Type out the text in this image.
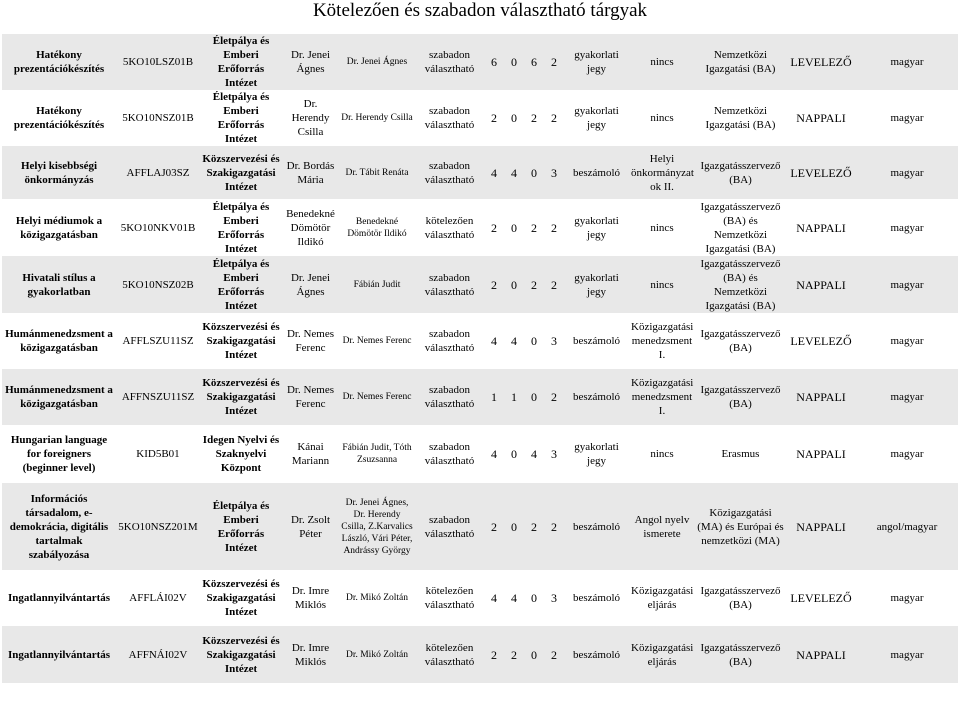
Kötelezően és szabadon választható tárgyak
Hatékony prezentációkészítés	5KO10LSZ01B	Életpálya és Emberi Erőforrás Intézet	Dr. Jenei Ágnes	Dr. Jenei Ágnes	szabadon választható	6	0	6	2	gyakorlati jegy	nincs	Nemzetközi Igazgatási (BA)	LEVELEZŐ	magyar
Hatékony prezentációkészítés	5KO10NSZ01B	Életpálya és Emberi Erőforrás Intézet	Dr. Herendy Csilla	Dr. Herendy Csilla	szabadon választható	2	0	2	2	gyakorlati jegy	nincs	Nemzetközi Igazgatási (BA)	NAPPALI	magyar
Helyi kisebbségi önkormányzás	AFFLAJ03SZ	Közszervezési és Szakigazgatási Intézet	Dr. Bordás Mária	Dr. Tábit Renáta	szabadon választható	4	4	0	3	beszámoló	Helyi önkormányzat ok II.	Igazgatásszervező (BA)	LEVELEZŐ	magyar
Helyi médiumok a közigazgatásban	5KO10NKV01B	Életpálya és Emberi Erőforrás Intézet	Benedekné Dömötör Ildikó	Benedekné Dömötör Ildikó	kötelezően választható	2	0	2	2	gyakorlati jegy	nincs	Igazgatásszervező (BA) és Nemzetközi Igazgatási (BA)	NAPPALI	magyar
Hivatali stílus a gyakorlatban	5KO10NSZ02B	Életpálya és Emberi Erőforrás Intézet	Dr. Jenei Ágnes	Fábián Judit	szabadon választható	2	0	2	2	gyakorlati jegy	nincs	Igazgatásszervező (BA) és Nemzetközi Igazgatási (BA)	NAPPALI	magyar
Humánmenedzsment a közigazgatásban	AFFLSZU11SZ	Közszervezési és Szakigazgatási Intézet	Dr. Nemes Ferenc	Dr. Nemes Ferenc	szabadon választható	4	4	0	3	beszámoló	Közigazgatási menedzsment I.	Igazgatásszervező (BA)	LEVELEZŐ	magyar
Humánmenedzsment a közigazgatásban	AFFNSZU11SZ	Közszervezési és Szakigazgatási Intézet	Dr. Nemes Ferenc	Dr. Nemes Ferenc	szabadon választható	1	1	0	2	beszámoló	Közigazgatási menedzsment I.	Igazgatásszervező (BA)	NAPPALI	magyar
Hungarian language for foreigners (beginner level)	KID5B01	Idegen Nyelvi és Szaknyelvi Központ	Kánai Mariann	Fábián Judit, Tóth Zsuzsanna	szabadon választható	4	0	4	3	gyakorlati jegy	nincs	Erasmus	NAPPALI	magyar
Információs társadalom, e-demokrácia, digitális tartalmak szabályozása	5KO10NSZ201M	Életpálya és Emberi Erőforrás Intézet	Dr. Zsolt Péter	Dr. Jenei Ágnes, Dr. Herendy Csilla, Z.Karvalics László, Vári Péter, Andrássy György	szabadon választható	2	0	2	2	beszámoló	Angol nyelv ismerete	Közigazgatási (MA) és Európai és nemzetközi (MA)	NAPPALI	angol/magyar
Ingatlannyilvántartás	AFFLÁI02V	Közszervezési és Szakigazgatási Intézet	Dr. Imre Miklós	Dr. Mikó Zoltán	kötelezően választható	4	4	0	3	beszámoló	Közigazgatási eljárás	Igazgatásszervező (BA)	LEVELEZŐ	magyar
Ingatlannyilvántartás	AFFNÁI02V	Közszervezési és Szakigazgatási Intézet	Dr. Imre Miklós	Dr. Mikó Zoltán	kötelezően választható	2	2	0	2	beszámoló	Közigazgatási eljárás	Igazgatásszervező (BA)	NAPPALI	magyar
